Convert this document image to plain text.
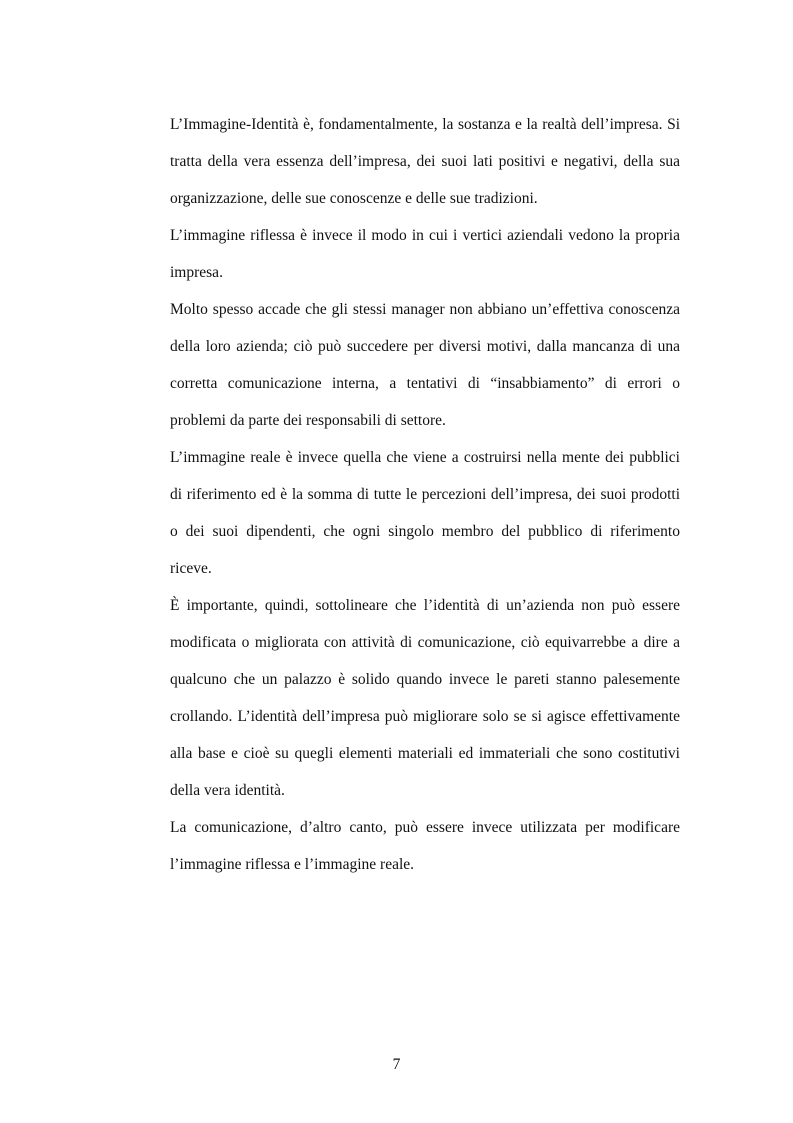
L’Immagine-Identità è, fondamentalmente, la sostanza e la realtà dell’impresa. Si tratta della vera essenza dell’impresa, dei suoi lati positivi e negativi, della sua organizzazione, delle sue conoscenze e delle sue tradizioni.

L’immagine riflessa è invece il modo in cui i vertici aziendali vedono la propria impresa.

Molto spesso accade che gli stessi manager non abbiano un’effettiva conoscenza della loro azienda; ciò può succedere per diversi motivi, dalla mancanza di una corretta comunicazione interna, a tentativi di “insabbiamento” di errori o problemi da parte dei responsabili di settore.

L’immagine reale è invece quella che viene a costruirsi nella mente dei pubblici di riferimento ed è la somma di tutte le percezioni dell’impresa, dei suoi prodotti o dei suoi dipendenti, che ogni singolo membro del pubblico di riferimento riceve.

È importante, quindi, sottolineare che l’identità di un’azienda non può essere modificata o migliorata con attività di comunicazione, ciò equivarrebbe a dire a qualcuno che un palazzo è solido quando invece le pareti stanno palesemente crollando. L’identità dell’impresa può migliorare solo se si agisce effettivamente alla base e cioè su quegli elementi materiali ed immateriali che sono costitutivi della vera identità.

La comunicazione, d’altro canto, può essere invece utilizzata per modificare l’immagine riflessa e l’immagine reale.

7
